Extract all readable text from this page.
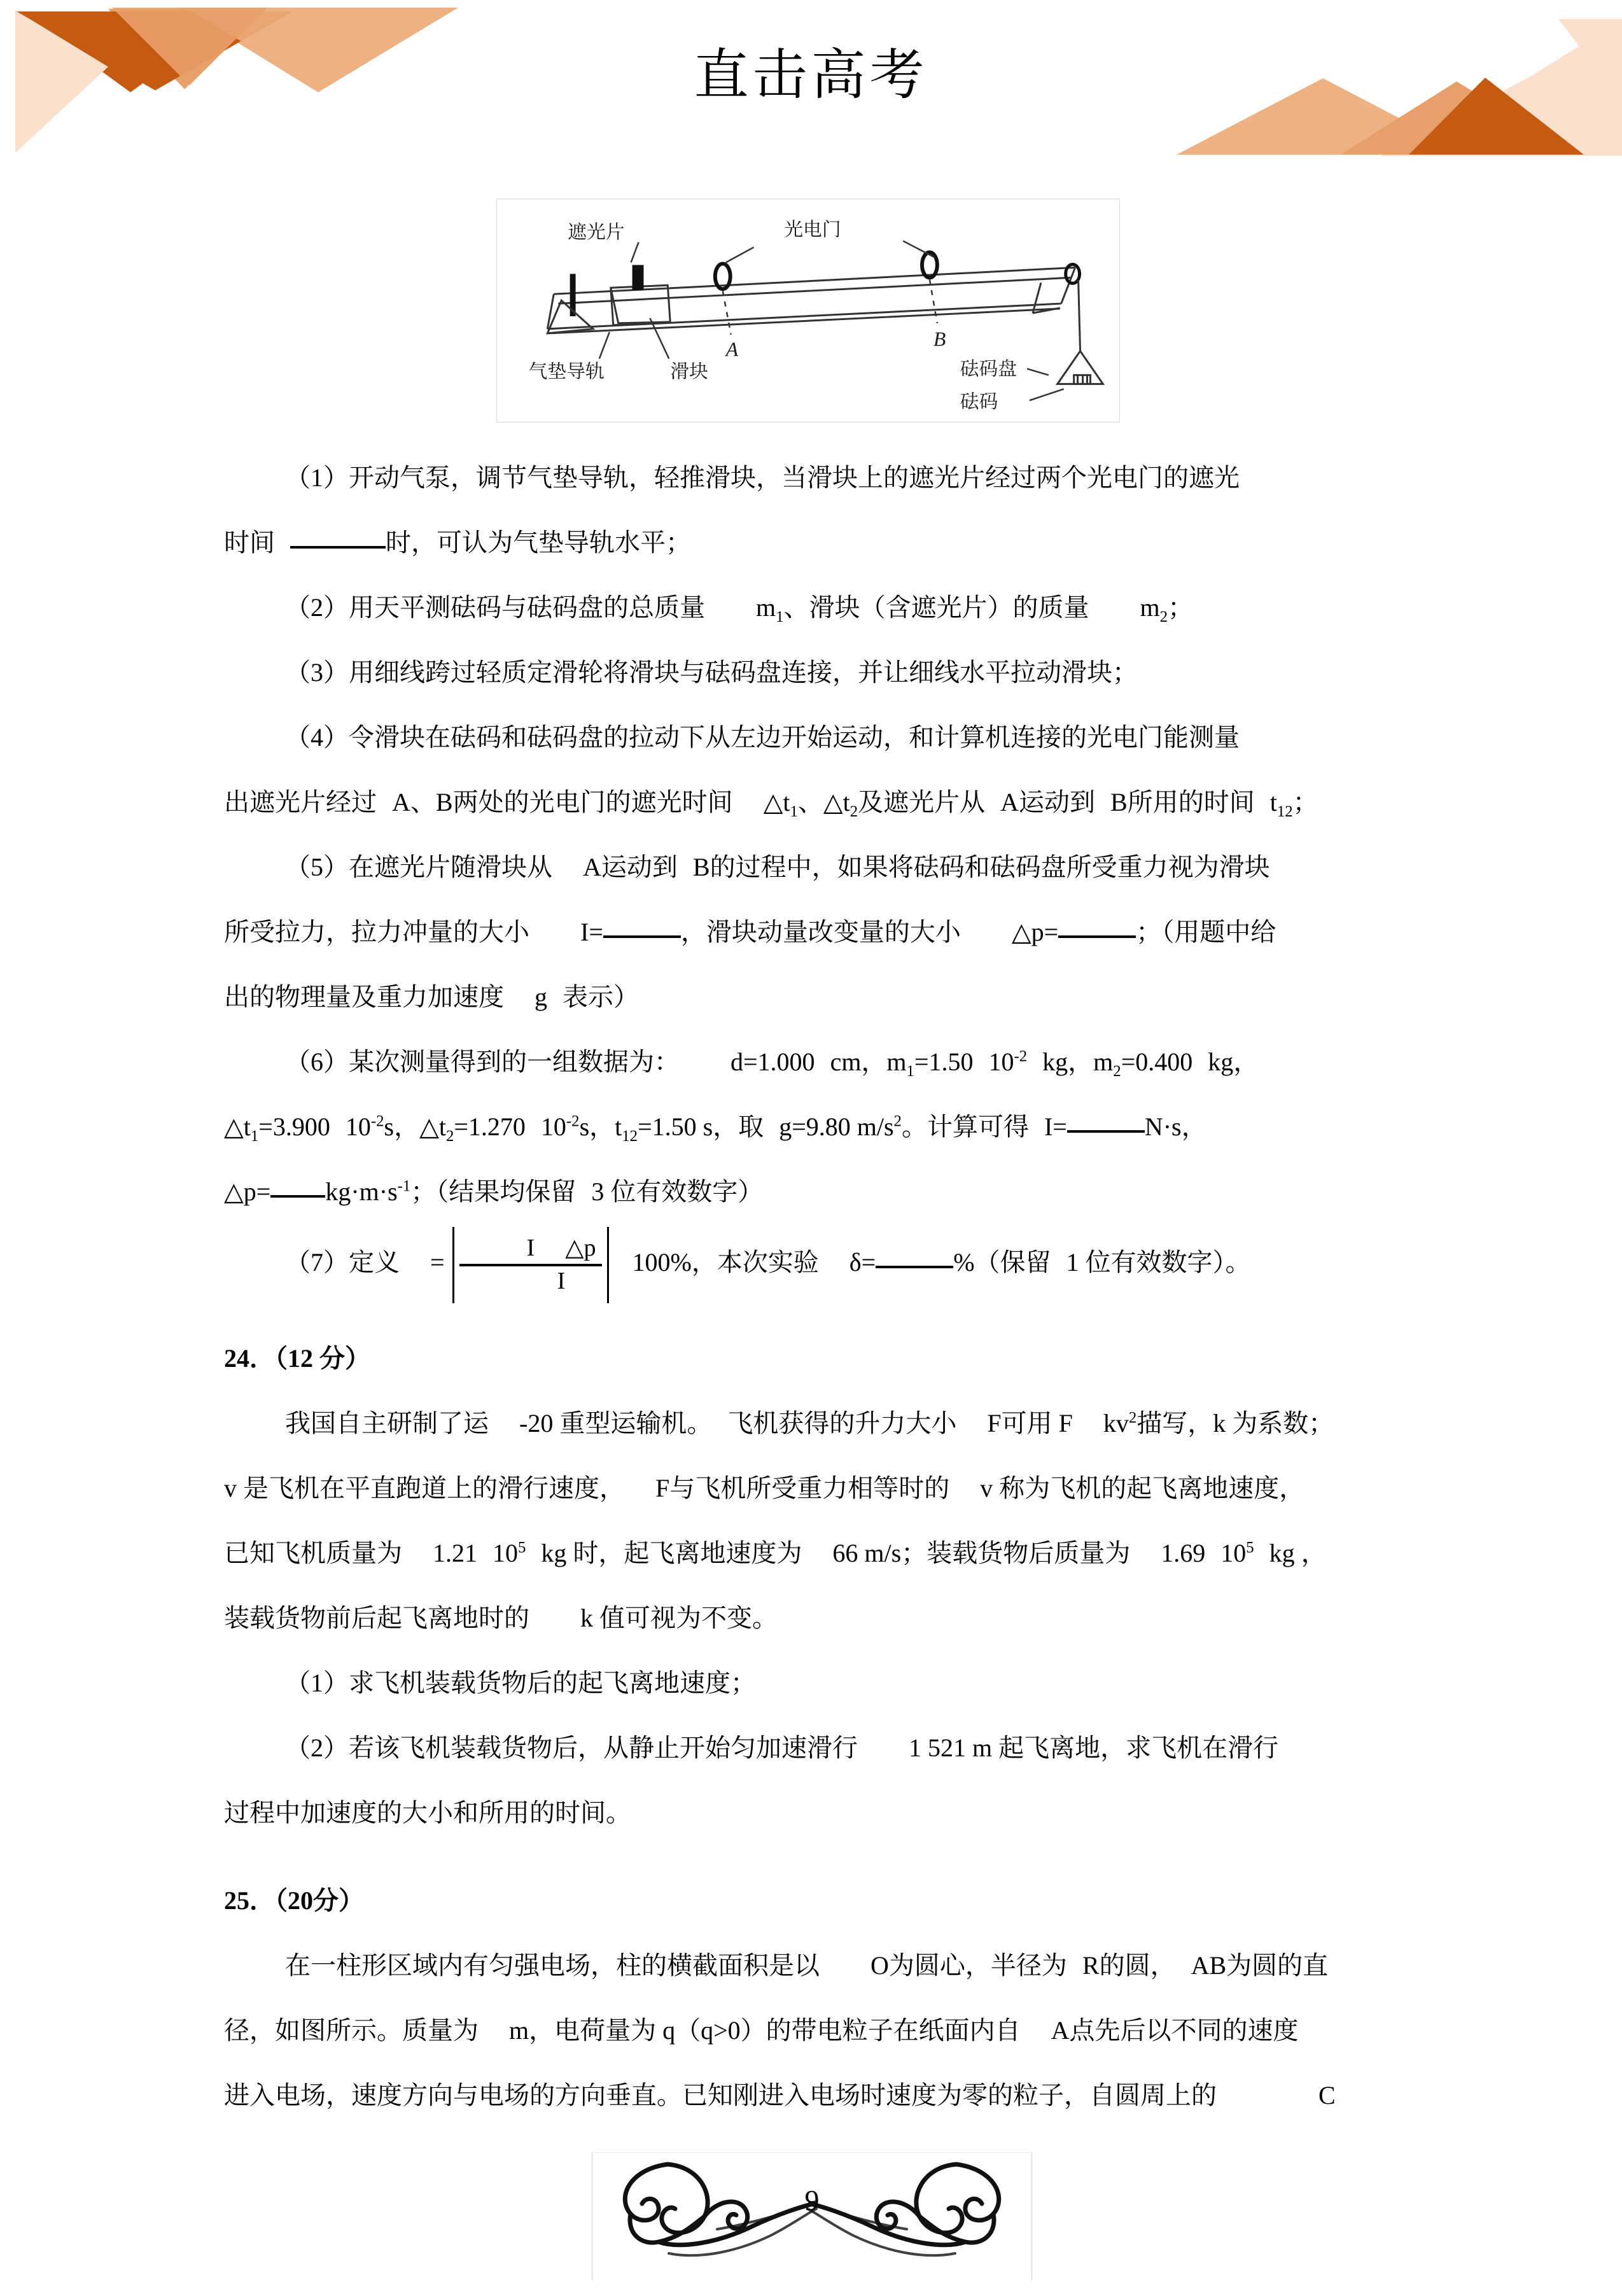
直击高考
遮光片	光电门
气垫导轨	滑块	砝码盘
砝码
A	B

（1）开动气泵，调节气垫导轨，轻推滑块，当滑块上的遮光片经过两个光电门的遮光

时间	时，可认为气垫导轨水平；

（2）用天平测砝码与砝码盘的总质量 $m_1$、滑块（含遮光片）的质量 $m_2$；

（3）用细线跨过轻质定滑轮将滑块与砝码盘连接，并让细线水平拉动滑块；

（4）令滑块在砝码和砝码盘的拉动下从左边开始运动，和计算机连接的光电门能测量

出遮光片经过 A、B两处的光电门的遮光时间 $\triangle t_1$、$\triangle t_2$及遮光片从 A运动到 B所用的时间 $t_{12}$；

（5）在遮光片随滑块从 A运动到 B的过程中，如果将砝码和砝码盘所受重力视为滑块

所受拉力，拉力冲量的大小 I=	，滑块动量改变量的大小 △p=	；（用题中给

出的物理量及重力加速度 g 表示）

（6）某次测量得到的一组数据为： d=1.000 cm，$m_1=1.50$ $10^{-2}$ kg，$m_2=0.400$ kg，

$\triangle t_1=3.900$ $10^{-2}s$，$\triangle t_2=1.270$ $10^{-2}s$，$t_{12}=1.50$ s，取 g=9.80 $m/s^2$。计算可得 I=	N·s，

△p= $kg\cdot m\cdot s^{-1}$；（结果均保留 3 位有效数字）

（7）定义 = $\frac{I \triangle p}{I} 100\%$，本次实验 δ=	%（保留 1 位有效数字）。

24．（12 分）

我国自主研制了运 -20 重型运输机。 飞机获得的升力大小 F可用 F $kv^2$描写，k 为系数；

v 是飞机在平直跑道上的滑行速度， F与飞机所受重力相等时的 v 称为飞机的起飞离地速度，

已知飞机质量为 1.21 $10^5$ kg 时，起飞离地速度为 66 m/s；装载货物后质量为 1.69 $10^5$ kg ，

装载货物前后起飞离地时的 k 值可视为不变。

（1）求飞机装载货物后的起飞离地速度；

（2）若该飞机装载货物后，从静止开始匀加速滑行 1 521 m 起飞离地，求飞机在滑行

过程中加速度的大小和所用的时间。

25．（20分）

在一柱形区域内有匀强电场，柱的横截面积是以 O为圆心，半径为 R的圆， AB为圆的直

径，如图所示。质量为 m，电荷量为 q（q>0）的带电粒子在纸面内自 A点先后以不同的速度

进入电场，速度方向与电场的方向垂直。已知刚进入电场时速度为零的粒子，自圆周上的	C

9
